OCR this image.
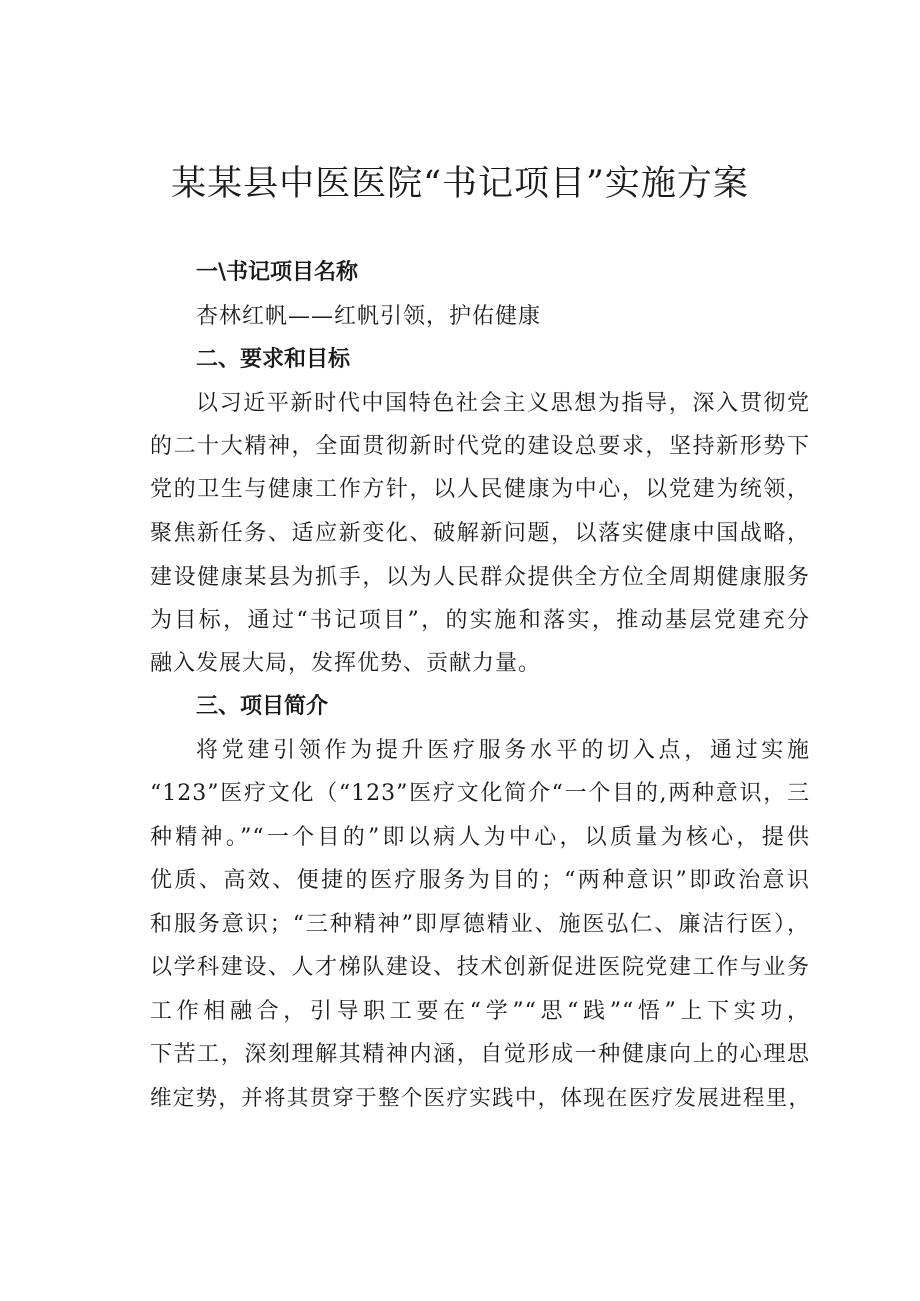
某某县中医医院“书记项目”实施方案
一\书记项目名称

杏林红帆——红帆引领，护佑健康

二、要求和目标

以习近平新时代中国特色社会主义思想为指导，深入贯彻党

的二十大精神，全面贯彻新时代党的建设总要求，坚持新形势下

党的卫生与健康工作方针，以人民健康为中心，以党建为统领，

聚焦新任务、适应新变化、破解新问题，以落实健康中国战略，

建设健康某县为抓手，以为人民群众提供全方位全周期健康服务

为目标，通过“书记项目”，的实施和落实，推动基层党建充分

融入发展大局，发挥优势、贡献力量。

三、项目简介

将党建引领作为提升医疗服务水平的切入点，通过实施

“123”医疗文化（“123”医疗文化简介“一个目的,两种意识，三

种精神。”“一个目的”即以病人为中心，以质量为核心，提供

优质、高效、便捷的医疗服务为目的；“两种意识”即政治意识

和服务意识；“三种精神”即厚德精业、施医弘仁、廉洁行医），

以学科建设、人才梯队建设、技术创新促进医院党建工作与业务

工作相融合，引导职工要在“学”“思“践”“悟”上下实功，

下苦工，深刻理解其精神内涵，自觉形成一种健康向上的心理思

维定势，并将其贯穿于整个医疗实践中，体现在医疗发展进程里，
